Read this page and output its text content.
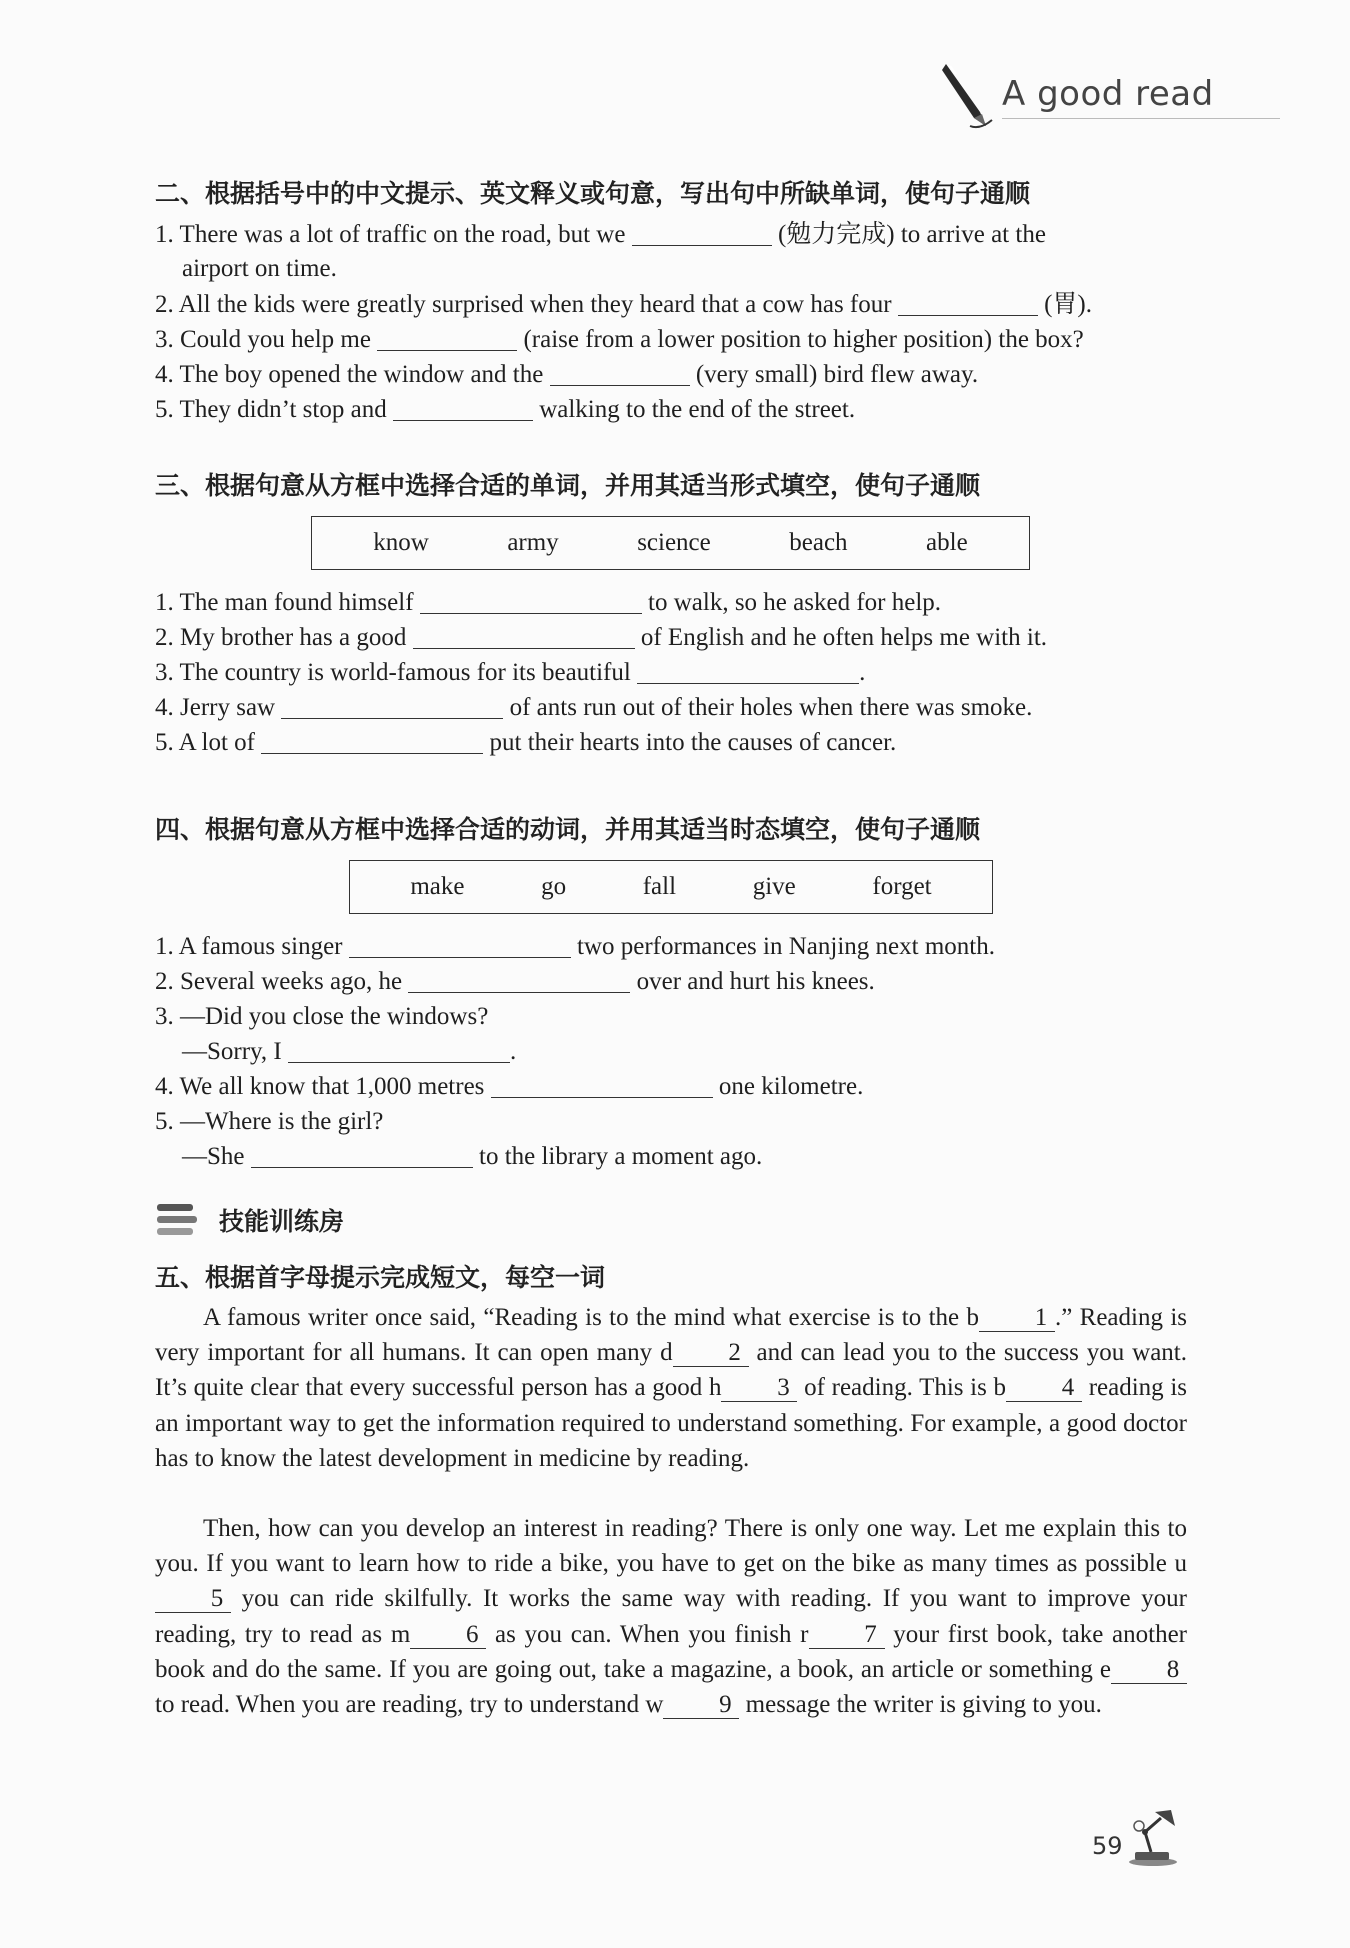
A good read
二、根据括号中的中文提示、英文释义或句意，写出句中所缺单词，使句子通顺
1. There was a lot of traffic on the road, but we	(勉力完成) to arrive at the
airport on time.
2. All the kids were greatly surprised when they heard that a cow has four	(胃).
3. Could you help me	(raise from a lower position to higher position) the box?
4. The boy opened the window and the	(very small) bird flew away.
5. They didn’t stop and	walking to the end of the street.
三、根据句意从方框中选择合适的单词，并用其适当形式填空，使句子通顺
know	army	science	beach	able
1. The man found himself	to walk, so he asked for help.
2. My brother has a good	of English and he often helps me with it.
3. The country is world-famous for its beautiful	.
4. Jerry saw	of ants run out of their holes when there was smoke.
5. A lot of	put their hearts into the causes of cancer.
四、根据句意从方框中选择合适的动词，并用其适当时态填空，使句子通顺
make	go	fall	give	forget
1. A famous singer	two performances in Nanjing next month.
2. Several weeks ago, he	over and hurt his knees.
3. —Did you close the windows?
—Sorry, I	.
4. We all know that 1,000 metres	one kilometre.
5. —Where is the girl?
—She	to the library a moment ago.
技能训练房
五、根据首字母提示完成短文，每空一词
A famous writer once said, “Reading is to the mind what exercise is to the b 1 .” Reading is very important for all humans. It can open many d 2 and can lead you to the success you want. It’s quite clear that every successful person has a good h 3 of reading. This is b 4 reading is an important way to get the information required to understand something. For example, a good doctor has to know the latest development in medicine by reading.
Then, how can you develop an interest in reading? There is only one way. Let me explain this to you. If you want to learn how to ride a bike, you have to get on the bike as many times as possible u5 you can ride skilfully. It works the same way with reading. If you want to improve your reading, try to read as m 6 as you can. When you finish r 7 your first book, take another book and do the same. If you are going out, take a magazine, a book, an article or something e 8 to read. When you are reading, try to understand w 9 message the writer is giving to you.
59
